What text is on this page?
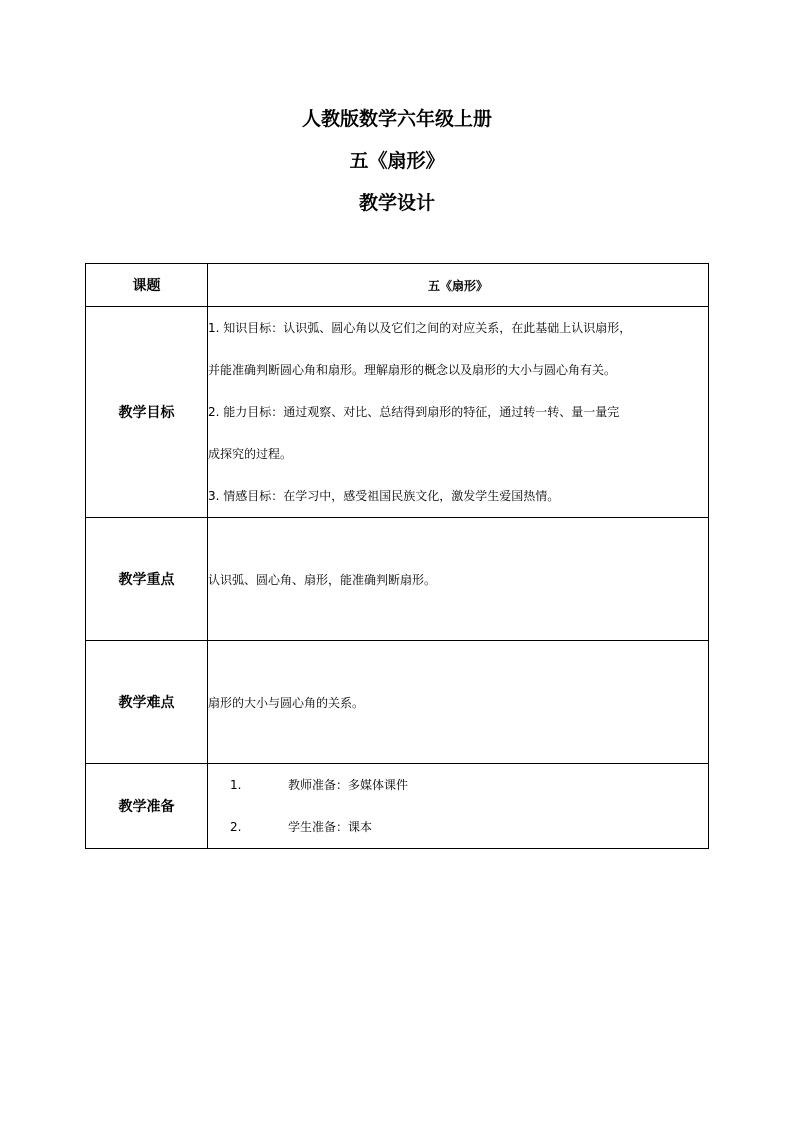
人教版数学六年级上册
五《扇形》
教学设计
课题	五《扇形》
教学目标	1. 知识目标：认识弧、圆心角以及它们之间的对应关系，在此基础上认识扇形，
并能准确判断圆心角和扇形。理解扇形的概念以及扇形的大小与圆心角有关。
2. 能力目标：通过观察、对比、总结得到扇形的特征，通过转一转、量一量完
成探究的过程。
3. 情感目标：在学习中，感受祖国民族文化，激发学生爱国热情。

教学重点	认识弧、圆心角、扇形，能准确判断扇形。
教学难点	扇形的大小与圆心角的关系。
教学准备	1. 教师准备：多媒体课件
2. 学生准备：课本
